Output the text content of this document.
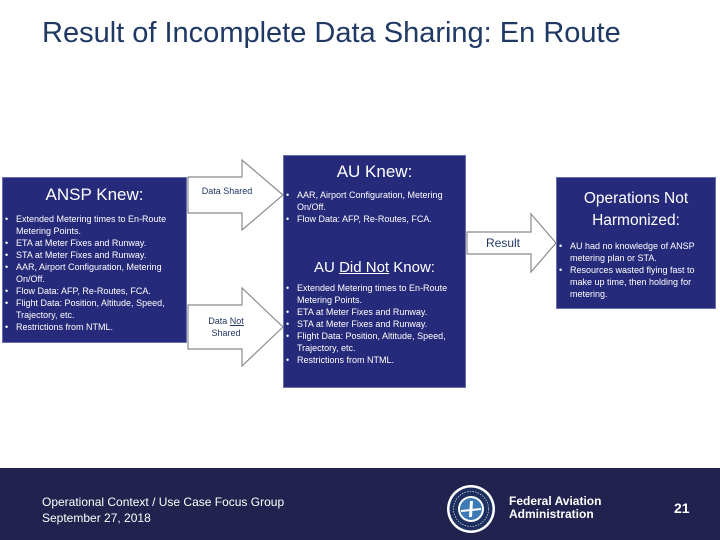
Result of Incomplete Data Sharing: En Route
Data Shared
Data Not
Shared
Result
ANSP Knew:
• Extended Metering times to En-Route Metering Points.
• ETA at Meter Fixes and Runway.
• STA at Meter Fixes and Runway.
• AAR, Airport Configuration, Metering On/Off.
• Flow Data: AFP, Re-Routes, FCA.
• Flight Data: Position, Altitude, Speed, Trajectory, etc.
• Restrictions from NTML.
AU Knew:
• AAR, Airport Configuration, Metering On/Off.
• Flow Data: AFP, Re-Routes, FCA.
AU Did Not Know:
• Extended Metering times to En-Route Metering Points.
• ETA at Meter Fixes and Runway.
• STA at Meter Fixes and Runway.
• Flight Data: Position, Altitude, Speed, Trajectory, etc.
• Restrictions from NTML.
Operations Not Harmonized:
• AU had no knowledge of ANSP metering plan or STA.
• Resources wasted flying fast to make up time, then holding for metering.
Operational Context / Use Case Focus Group
September 27, 2018
Federal Aviation
Administration	21
